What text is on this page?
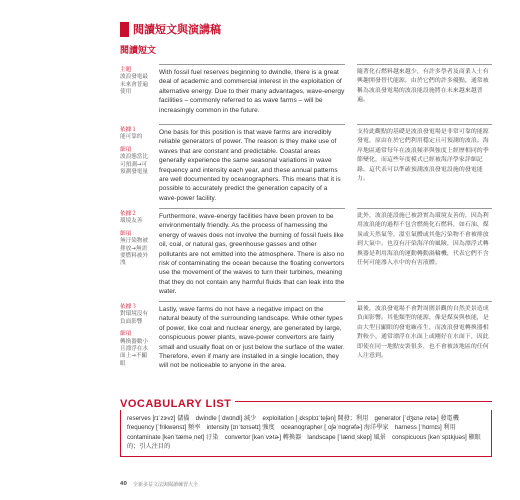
閱讀短文與演講稿
閱讀短文
主題
波浪發電最未來會普遍使用
With fossil fuel reserves beginning to dwindle, there is a great deal of academic and commercial interest in the exploitation of alternative energy. Due to their many advantages, wave-energy facilities – commonly referred to as wave farms – will be increasingly common in the future.
隨著化石燃料越來越少，有許多學者及商業人士有興趣開發替代能源。由於它們的許多優點，通常被稱為波浪發電場的波浪能設施將在未來越來越普遍。
依據１
能可靠的
細項
波浪態當比可預測→可預測發電量
One basis for this position is that wave farms are incredibly reliable generators of power. The reason is they make use of waves that are constant and predictable. Coastal areas generally experience the same seasonal variations in wave frequency and intensity each year, and these annual patterns are well documented by oceanographers. This means that it is possible to accurately predict the generation capacity of a wave-power facility.
支持此觀點的基礎是波浪發電場是非常可靠的能源發電，原由在於它們利用穩定且可預測的波浪。海岸地區通常每年在波浪頻率與強度上經歷相同的季節變化，而這些年度模式已經被海洋學家詳細記錄。這代表可以準確預測波浪發電設施的發電能力。
依據２
環境友善
細項
無汙染物被排放→無需要燃料被外洩
Furthermore, wave-energy facilities have been proven to be environmentally friendly. As the process of harnessing the energy of waves does not involve the burning of fossil fuels like oil, coal, or natural gas, greenhouse gasses and other pollutants are not emitted into the atmosphere. There is also no risk of contaminating the ocean because the floating convertors use the movement of the waves to turn their turbines, meaning that they do not contain any harmful fluids that can leak into the water.
此外，波浪能設施已被證實為環境友善的，因為利用波浪能的過程不包含燃燒化石燃料，如石油、煤炭或天然氣等，溫室氣體或其他污染物不會被排放到大氣中。也沒有汙染海洋的風險，因為漂浮式轉換器是利用海浪的運動轉動渦輪機，代表它們不含任何可能滲入水中的有害液體。
依據３
對環境沒有負面影響
細項
轉換器數小且漂浮在水面上→不顯眼
Lastly, wave farms do not have a negative impact on the natural beauty of the surrounding landscape. While other types of power, like coal and nuclear energy, are generated by large, conspicuous power plants, wave-power convertors are fairly small and usually float on or just below the surface of the water. Therefore, even if many are installed in a single location, they will not be noticeable to anyone in the area.
最後，波浪發電場不會對周圍景觀的自然美景造成負面影響。其他類型的能源，像是煤炭與核能，是由大型且顯眼的發電廠產生，而波浪發電轉換器相對較小，通常漂浮在水面上或剛好在水面下，因此即使在同一地點安裝很多，也不會被該地區的任何人注意到。
VOCABULARY LIST
reserves [rɪˈzɝvz] 儲備　dwindle [ˈdwɪndl] 減少　exploitation [ˌɛksplɔɪˈteʃən] 開發；利用　generator [ˈdʒɛnəˌretɚ] 發電機　frequency [ˈfrikwənsɪ] 頻率　intensity [ɪnˈtɛnsətɪ] 強度　oceanographer [ˌoʃəˈnɑgrəfɚ] 海洋學家　harness [ˈhɑrnɪs] 利用　contaminate [kənˈtæməˌnet] 汙染　convertor [kənˈvɝtɚ] 轉換器　landscape [ˈlændˌskep] 風景　conspicuous [kənˈspɪkjuəs] 顯眼的；引人注目的
40 全新多益文法與閱讀練習大全
